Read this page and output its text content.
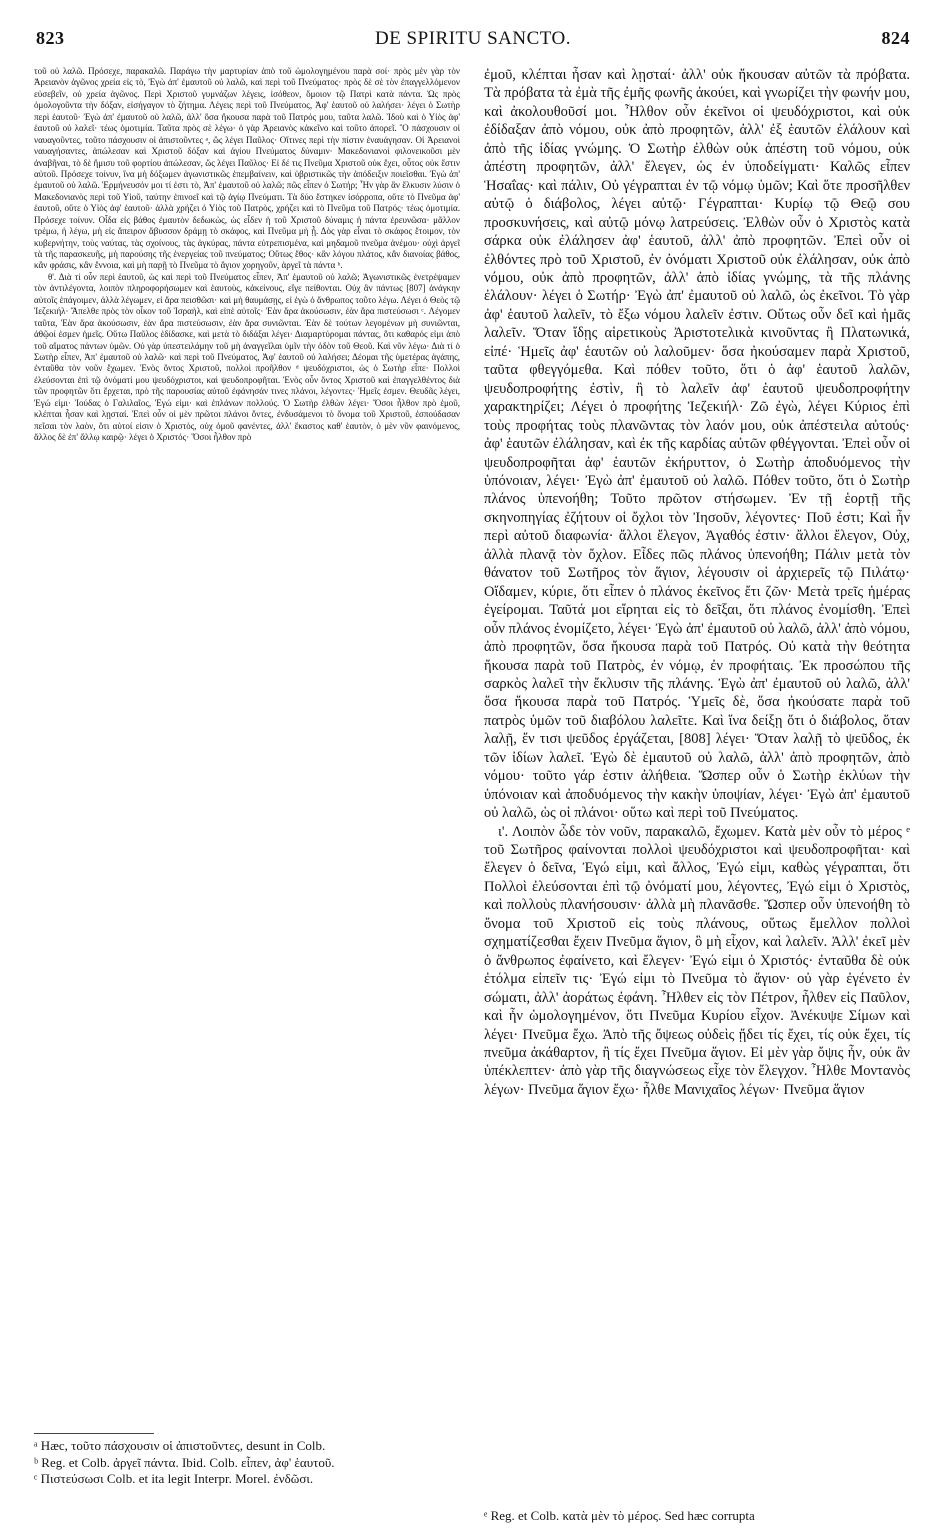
823	DE SPIRITU SANCTO.	824

τοῦ οὐ λαλῶ. Πρόσεχε, παρακαλῶ. Παράγω τὴν μαρτυρίαν ἀπὸ τοῦ ὡμολογημένου παρὰ σοί· πρὸς μὲν γὰρ τὸν Ἀρειανὸν ἀγῶνος χρεία εἰς τὸ, Ἐγὼ ἀπ' ἐμαυτοῦ οὐ λαλῶ, καὶ περὶ τοῦ Πνεύματος· πρὸς δὲ σὲ τὸν ἐπαγγελλόμενον εὐσεβεῖν, οὐ χρεία ἀγῶνος. Περὶ Χριστοῦ γυμνάζων λέγεις, ἰσόθεον, ὅμοιον τῷ Πατρὶ κατὰ πάντα. Ὡς πρὸς ὁμολογοῦντα τὴν δόξαν, εἰσήγαγον τὸ ζήτημα. Λέγεις περὶ τοῦ Πνεύματος, Ἀφ' ἑαυτοῦ οὐ λαλήσει· λέγει ὁ Σωτὴρ περὶ ἑαυτοῦ· Ἐγὼ ἀπ' ἐμαυτοῦ οὐ λαλῶ, ἀλλ' ὅσα ἤκουσα παρὰ τοῦ Πατρός μου, ταῦτα λαλῶ. Ἰδοὺ καὶ ὁ Υἱὸς ἀφ' ἑαυτοῦ οὐ λαλεῖ· τέως ὁμοτιμία. Ταῦτα πρὸς σὲ λέγω· ὁ γὰρ Ἀρειανὸς κἀκεῖνο καὶ τοῦτο ἀπορεῖ. Ὃ πάσχουσιν οἱ ναυαγοῦντες, τοῦτο πάσχουσιν οἱ ἀπιστοῦντες ᵃ, ὥς λέγει Παῦλος· Οἵτινες περὶ τὴν πίστιν ἐναυάγησαν. Οἱ Ἀρειανοὶ ναυαγήσαντες, ἀπώλεσαν καὶ Χριστοῦ δόξαν καὶ ἁγίου Πνεύματος δύναμιν· Μακεδονιανοὶ φιλονεικοῦσι μὲν ἀναβῆναι, τὸ δὲ ἥμισυ τοῦ φορτίου ἀπώλεσαν, ὥς λέγει Παῦλος· Εἰ δέ τις Πνεῦμα Χριστοῦ οὐκ ἔχει, οὗτος οὐκ ἔστιν αὐτοῦ. Πρόσεχε τοίνυν, ἵνα μὴ δόξωμεν ἀγωνιστικῶς ἐπεμβαίνειν, καὶ ὑβριστικῶς τὴν ἀπόδειξιν ποιεῖσθαι. Ἐγὼ ἀπ' ἐμαυτοῦ οὐ λαλῶ. Ἑρμήνευσόν μοι τί ἐστι τὸ, Ἀπ' ἐμαυτοῦ οὐ λαλῶ; πῶς εἶπεν ὁ Σωτήρ; Ἦν γὰρ ἂν ἔλκυσιν λύσιν ὁ Μακεδονιανὸς περὶ τοῦ Υἱοῦ, ταύτην ἐπινοεῖ καὶ τῷ ἁγίῳ Πνεύματι. Τὰ δύο ἕστηκεν ἰσόρροπα, οὔτε τὸ Πνεῦμα ἀφ' ἑαυτοῦ, οὔτε ὁ Υἱὸς ἀφ' ἑαυτοῦ· ἀλλὰ χρήζει ὁ Υἱὸς τοῦ Πατρὸς, χρήζει καὶ τὸ Πνεῦμα τοῦ Πατρός· τέως ὁμοτιμία. Πρόσεχε τοίνυν. Οἶδα εἰς βάθος ἐμαυτὸν δεδωκὼς, ὡς εἶδεν ἡ τοῦ Χριστοῦ δύναμις ἡ πάντα ἐρευνῶσα· μᾶλλον τρέμω, ἡ λέγω, μὴ εἰς ἄπειρον ἄβυσσον δράμῃ τὸ σκάφος, καὶ Πνεῦμα μὴ ᾖ. Δὸς γὰρ εἶναι τὸ σκάφος ἕτοιμον, τὸν κυβερνήτην, τοὺς ναύτας, τὰς σχοίνους, τὰς ἀγκύρας, πάντα εὐτρεπισμένα, καὶ μηδαμοῦ πνεῦμα ἀνέμου· οὐχὶ ἀργεῖ τὰ τῆς παρασκευῆς, μὴ παρούσης τῆς ἐνεργείας τοῦ πνεύματος; Οὕτως ἔθος· κἂν λόγου πλάτος, κἂν διανοίας βάθος, κἂν φράσις, κἂν ἔννοια, καὶ μὴ παρῇ τὸ Πνεῦμα τὸ ἅγιον χορηγοῦν, ἀργεῖ τὰ πάντα ᵇ.

θ'. Διὰ τί οὖν περὶ ἑαυτοῦ, ὡς καὶ περὶ τοῦ Πνεύματος εἶπεν, Ἀπ' ἐμαυτοῦ οὐ λαλῶ; Ἀγωνιστικῶς ἐνετρέψαμεν τὸν ἀντιλέγοντα, λοιπὸν πληροφορήσωμεν καὶ ἑαυτοὺς, κἀκείνους, εἴγε πείθονται. Οὐχ ἂν πάντως [807] ἀνάγκην αὐτοῖς ἐπάγοιμεν, ἀλλὰ λέγωμεν, εἰ ἄρα πεισθῶσι· καὶ μὴ θαυμάσῃς, εἰ ἐγὼ ὁ ἄνθρωπος τοῦτο λέγω. Λέγει ὁ Θεὸς τῷ Ἰεζεκιήλ· Ἄπελθε πρὸς τὸν οἶκον τοῦ Ἰσραὴλ, καὶ εἰπὲ αὐτοῖς· Ἐὰν ἄρα ἀκούσωσιν, ἐὰν ἄρα πιστεύσωσι ᶜ. Λέγομεν ταῦτα, Ἐὰν ἄρα ἀκούσωσιν, ἐὰν ἄρα πιστεύσωσιν, ἐὰν ἄρα συνιῶνται. Ἐὰν δὲ τούτων λεγομένων μὴ συνιῶνται, ἀθῷοί ἐσμεν ἡμεῖς. Οὕτω Παῦλος ἐδίδασκε, καὶ μετὰ τὸ διδάξαι λέγει· Διαμαρτύρομαι πάντας, ὅτι καθαρός εἰμι ἀπὸ τοῦ αἵματος πάντων ὑμῶν. Οὐ γὰρ ὑπεστειλάμην τοῦ μὴ ἀναγγεῖλαι ὑμῖν τὴν ὁδὸν τοῦ Θεοῦ. Καὶ νῦν λέγω· Διὰ τί ὁ Σωτὴρ εἶπεν, Ἀπ' ἐμαυτοῦ οὐ λαλῶ· καὶ περὶ τοῦ Πνεύματος, Ἀφ' ἑαυτοῦ οὐ λαλήσει; Δέομαι τῆς ὑμετέρας ἀγάπης, ἐνταῦθα τὸν νοῦν ἔχωμεν. Ἑνὸς ὄντος Χριστοῦ, πολλοὶ προῆλθον ᵈ ψευδόχριστοι, ὡς ὁ Σωτὴρ εἶπε· Πολλοὶ ἐλεύσονται ἐπὶ τῷ ὀνόματί μου ψευδόχριστοι, καὶ ψευδοπροφῆται. Ἑνὸς οὖν ὄντος Χριστοῦ καὶ ἐπαγγελθέντος διὰ τῶν προφητῶν ὅτι ἔρχεται, πρὸ τῆς παρουσίας αὐτοῦ ἐφάνησάν τινες πλάνοι, λέγοντες· Ἡμεῖς ἐσμεν. Θευδᾶς λέγει, Ἐγώ εἰμι· Ἰούδας ὁ Γαλιλαῖος, Ἐγώ εἰμι· καὶ ἐπλάνων πολλούς. Ὁ Σωτὴρ ἐλθὼν λέγει· Ὅσοι ἦλθον πρὸ ἐμοῦ, κλέπται ἦσαν καὶ λῃσταί. Ἐπεὶ οὖν οἱ μὲν πρῶτοι πλάνοι ὄντες, ἐνδυσάμενοι τὸ ὄνομα τοῦ Χριστοῦ, ἐσπούδασαν πεῖσαι τὸν λαὸν, ὅτι αὐτοί εἰσιν ὁ Χριστὸς, οὐχ ὁμοῦ φανέντες, ἀλλ' ἕκαστος καθ' ἑαυτὸν, ὁ μὲν νῦν φαινόμενος, ἄλλος δὲ ἐπ' ἄλλῳ καιρῷ· λέγει ὁ Χριστός· Ὅσοι ἦλθον πρὸ

ἐμοῦ, κλέπται ἦσαν καὶ λῃσταί· ἀλλ' οὐκ ἤκουσαν αὐτῶν τὰ πρόβατα. Τὰ πρόβατα τὰ ἐμὰ τῆς ἐμῆς φωνῆς ἀκούει, καὶ γνωρίζει τὴν φωνήν μου, καὶ ἀκολουθοῦσί μοι. Ἦλθον οὖν ἐκεῖνοι οἱ ψευδόχριστοι, καὶ οὐκ ἐδίδαξαν ἀπὸ νόμου, οὐκ ἀπὸ προφητῶν, ἀλλ' ἐξ ἑαυτῶν ἐλάλουν καὶ ἀπὸ τῆς ἰδίας γνώμης. Ὁ Σωτὴρ ἐλθὼν οὐκ ἀπέστη τοῦ νόμου, οὐκ ἀπέστη προφητῶν, ἀλλ' ἔλεγεν, ὡς ἐν ὑποδείγματι· Καλῶς εἶπεν Ἡσαΐας· καὶ πάλιν, Οὐ γέγραπται ἐν τῷ νόμῳ ὑμῶν; Καὶ ὅτε προσῆλθεν αὐτῷ ὁ διάβολος, λέγει αὐτῷ· Γέγραπται· Κυρίῳ τῷ Θεῷ σου προσκυνήσεις, καὶ αὐτῷ μόνῳ λατρεύσεις. Ἐλθὼν οὖν ὁ Χριστὸς κατὰ σάρκα οὐκ ἐλάλησεν ἀφ' ἑαυτοῦ, ἀλλ' ἀπὸ προφητῶν. Ἐπεὶ οὖν οἱ ἐλθόντες πρὸ τοῦ Χριστοῦ, ἐν ὀνόματι Χριστοῦ οὐκ ἐλάλησαν, οὐκ ἀπὸ νόμου, οὐκ ἀπὸ προφητῶν, ἀλλ' ἀπὸ ἰδίας γνώμης, τὰ τῆς πλάνης ἐλάλουν· λέγει ὁ Σωτήρ· Ἐγὼ ἀπ' ἐμαυτοῦ οὐ λαλῶ, ὡς ἐκεῖνοι. Τὸ γὰρ ἀφ' ἑαυτοῦ λαλεῖν, τὸ ἔξω νόμου λαλεῖν ἐστιν. Οὕτως οὖν δεῖ καὶ ἡμᾶς λαλεῖν. Ὅταν ἴδῃς αἱρετικοὺς Ἀριστοτελικὰ κινοῦντας ἢ Πλατωνικά, εἰπέ· Ἡμεῖς ἀφ' ἑαυτῶν οὐ λαλοῦμεν· ὅσα ἠκούσαμεν παρὰ Χριστοῦ, ταῦτα φθεγγόμεθα. Καὶ πόθεν τοῦτο, ὅτι ὁ ἀφ' ἑαυτοῦ λαλῶν, ψευδοπροφήτης ἐστὶν, ἢ τὸ λαλεῖν ἀφ' ἑαυτοῦ ψευδοπροφήτην χαρακτηρίζει; Λέγει ὁ προφήτης Ἰεζεκιήλ· Ζῶ ἐγὼ, λέγει Κύριος ἐπὶ τοὺς προφήτας τοὺς πλανῶντας τὸν λαόν μου, οὐκ ἀπέστειλα αὐτούς· ἀφ' ἑαυτῶν ἐλάλησαν, καὶ ἐκ τῆς καρδίας αὐτῶν φθέγγονται. Ἐπεὶ οὖν οἱ ψευδοπροφῆται ἀφ' ἑαυτῶν ἐκήρυττον, ὁ Σωτὴρ ἀποδυόμενος τὴν ὑπόνοιαν, λέγει· Ἐγὼ ἀπ' ἐμαυτοῦ οὐ λαλῶ. Πόθεν τοῦτο, ὅτι ὁ Σωτὴρ πλάνος ὑπενοήθη; Τοῦτο πρῶτον στήσωμεν. Ἐν τῇ ἑορτῇ τῆς σκηνοπηγίας ἐζήτουν οἱ ὄχλοι τὸν Ἰησοῦν, λέγοντες· Ποῦ ἐστι; Καὶ ἦν περὶ αὐτοῦ διαφωνία· ἄλλοι ἔλεγον, Ἀγαθός ἐστιν· ἄλλοι ἔλεγον, Οὐχ, ἀλλὰ πλανᾷ τὸν ὄχλον. Εἶδες πῶς πλάνος ὑπενοήθη; Πάλιν μετὰ τὸν θάνατον τοῦ Σωτῆρος τὸν ἅγιον, λέγουσιν οἱ ἀρχιερεῖς τῷ Πιλάτῳ· Οἴδαμεν, κύριε, ὅτι εἶπεν ὁ πλάνος ἐκεῖνος ἔτι ζῶν· Μετὰ τρεῖς ἡμέρας ἐγείρομαι. Ταῦτά μοι εἴρηται εἰς τὸ δεῖξαι, ὅτι πλάνος ἐνομίσθη. Ἐπεὶ οὖν πλάνος ἐνομίζετο, λέγει· Ἐγὼ ἀπ' ἐμαυτοῦ οὐ λαλῶ, ἀλλ' ἀπὸ νόμου, ἀπὸ προφητῶν, ὅσα ἤκουσα παρὰ τοῦ Πατρός. Οὐ κατὰ τὴν θεότητα ἤκουσα παρὰ τοῦ Πατρὸς, ἐν νόμῳ, ἐν προφήταις. Ἐκ προσώπου τῆς σαρκὸς λαλεῖ τὴν ἔκλυσιν τῆς πλάνης. Ἐγὼ ἀπ' ἐμαυτοῦ οὐ λαλῶ, ἀλλ' ὅσα ἤκουσα παρὰ τοῦ Πατρός. Ὑμεῖς δὲ, ὅσα ἠκούσατε παρὰ τοῦ πατρὸς ὑμῶν τοῦ διαβόλου λαλεῖτε. Καὶ ἵνα δείξῃ ὅτι ὁ διάβολος, ὅταν λαλῇ, ἔν τισι ψεῦδος ἐργάζεται, [808] λέγει· Ὅταν λαλῇ τὸ ψεῦδος, ἐκ τῶν ἰδίων λαλεῖ. Ἐγὼ δὲ ἐμαυτοῦ οὐ λαλῶ, ἀλλ' ἀπὸ προφητῶν, ἀπὸ νόμου· τοῦτο γάρ ἐστιν ἀλήθεια. Ὥσπερ οὖν ὁ Σωτὴρ ἐκλύων τὴν ὑπόνοιαν καὶ ἀποδυόμενος τὴν κακὴν ὑποψίαν, λέγει· Ἐγὼ ἀπ' ἐμαυτοῦ οὐ λαλῶ, ὡς οἱ πλάνοι· οὕτω καὶ περὶ τοῦ Πνεύματος.

ι'. Λοιπὸν ὧδε τὸν νοῦν, παρακαλῶ, ἔχωμεν. Κατὰ μὲν οὖν τὸ μέρος ᵉ τοῦ Σωτῆρος φαίνονται πολλοὶ ψευδόχριστοι καὶ ψευδοπροφῆται· καὶ ἔλεγεν ὁ δεῖνα, Ἐγώ εἰμι, καὶ ἄλλος, Ἐγώ εἰμι, καθὼς γέγραπται, ὅτι Πολλοὶ ἐλεύσονται ἐπὶ τῷ ὀνόματί μου, λέγοντες, Ἐγώ εἰμι ὁ Χριστὸς, καὶ πολλοὺς πλανήσουσιν· ἀλλὰ μὴ πλανᾶσθε. Ὥσπερ οὖν ὑπενοήθη τὸ ὄνομα τοῦ Χριστοῦ εἰς τοὺς πλάνους, οὕτως ἔμελλον πολλοὶ σχηματίζεσθαι ἔχειν Πνεῦμα ἅγιον, ὃ μὴ εἶχον, καὶ λαλεῖν. Ἀλλ' ἐκεῖ μὲν ὁ ἄνθρωπος ἐφαίνετο, καὶ ἔλεγεν· Ἐγώ εἰμι ὁ Χριστός· ἐνταῦθα δὲ οὐκ ἐτόλμα εἰπεῖν τις· Ἐγώ εἰμι τὸ Πνεῦμα τὸ ἅγιον· οὐ γὰρ ἐγένετο ἐν σώματι, ἀλλ' ἀοράτως ἐφάνη. Ἦλθεν εἰς τὸν Πέτρον, ἦλθεν εἰς Παῦλον, καὶ ἦν ὡμολογημένον, ὅτι Πνεῦμα Κυρίου εἶχον. Ἀνέκυψε Σίμων καὶ λέγει· Πνεῦμα ἔχω. Ἀπὸ τῆς ὄψεως οὐδεὶς ᾔδει τίς ἔχει, τίς οὐκ ἔχει, τίς πνεῦμα ἀκάθαρτον, ἢ τίς ἔχει Πνεῦμα ἅγιον. Εἰ μὲν γὰρ ὄψις ἦν, οὐκ ἂν ὑπέκλεπτεν· ἀπὸ γὰρ τῆς διαγνώσεως εἶχε τὸν ἔλεγχον. Ἦλθε Μοντανὸς λέγων· Πνεῦμα ἅγιον ἔχω· ἦλθε Μανιχαῖος λέγων· Πνεῦμα ἅγιον

ᵃ Hæc, τοῦτο πάσχουσιν οἱ ἀπιστοῦντες, desunt in Colb.

ᵇ Reg. et Colb. ἀργεῖ πάντα. Ibid. Colb. εἶπεν, ἀφ' ἑαυτοῦ.

ᶜ Πιστεύσωσι Colb. et ita legit Interpr. Morel. ἐνδῶσι.

ᵉ Reg. et Colb. κατὰ μὲν τὸ μέρος. Sed hæc corrupta
